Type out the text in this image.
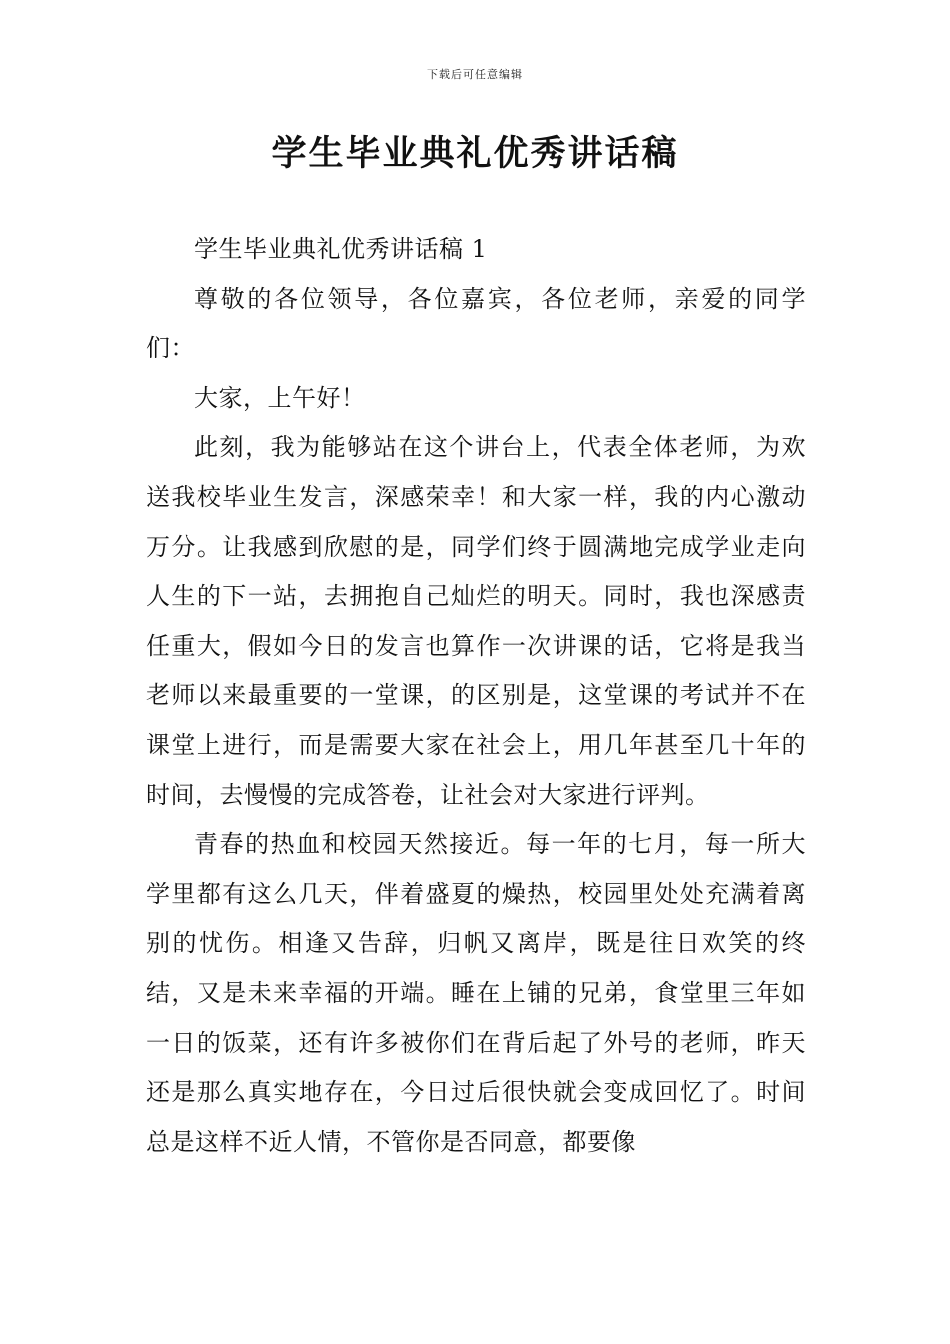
下载后可任意编辑
学生毕业典礼优秀讲话稿

学生毕业典礼优秀讲话稿 1

尊敬的各位领导，各位嘉宾，各位老师，亲爱的同学们：

大家，上午好！

此刻，我为能够站在这个讲台上，代表全体老师，为欢送我校毕业生发言，深感荣幸！和大家一样，我的内心激动万分。让我感到欣慰的是，同学们终于圆满地完成学业走向人生的下一站，去拥抱自己灿烂的明天。同时，我也深感责任重大，假如今日的发言也算作一次讲课的话，它将是我当老师以来最重要的一堂课，的区别是，这堂课的考试并不在课堂上进行，而是需要大家在社会上，用几年甚至几十年的时间，去慢慢的完成答卷，让社会对大家进行评判。

青春的热血和校园天然接近。每一年的七月，每一所大学里都有这么几天，伴着盛夏的燥热，校园里处处充满着离别的忧伤。相逢又告辞，归帆又离岸，既是往日欢笑的终结，又是未来幸福的开端。睡在上铺的兄弟，食堂里三年如一日的饭菜，还有许多被你们在背后起了外号的老师，昨天还是那么真实地存在，今日过后很快就会变成回忆了。时间总是这样不近人情，不管你是否同意，都要像
